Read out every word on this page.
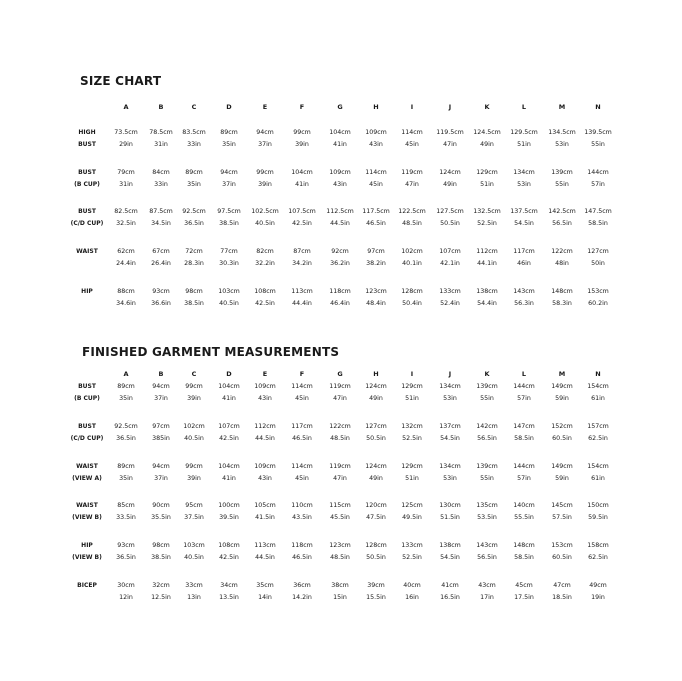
SIZE CHART
A	B	C	D	E	F	G	H	I	J	K	L	M	N
HIGH
BUST
73.5cm 78.5cm 83.5cm 89cm	94cm	99cm	104cm 109cm 114cm 119.5cm 124.5cm 129.5cm 134.5cm 139.5cm
29in	31in	33in	35in	37in	39in	41in	43in	45in	47in	49in	51in	53in	55in
BUST
(B CUP)
79cm	84cm 89cm	94cm	99cm	104cm	109cm 114cm 119cm	124cm 129cm 134cm	139cm 144cm
31in	33in	35in	37in	39in	41in	43in	45in	47in	49in	51in	53in	55in	57in
BUST
(C/D CUP)
82.5cm 87.5cm 92.5cm 97.5cm 102.5cm 107.5cm 112.5cm 117.5cm 122.5cm 127.5cm 132.5cm 137.5cm 142.5cm 147.5cm
32.5in 34.5in 36.5in 38.5in	40.5in	42.5in	44.5in	46.5in	48.5in	50.5in	52.5in	54.5in	56.5in	58.5in
WAIST	62cm	67cm 72cm	77cm	82cm	87cm	92cm	97cm	102cm	107cm 112cm 117cm	122cm 127cm
24.4in 26.4in 28.3in 30.3in	32.2in	34.2in	36.2in	38.2in	40.1in	42.1in	44.1in	46in	48in	50in
HIP	88cm	93cm 98cm 103cm 108cm 113cm	118cm 123cm 128cm	133cm 138cm 143cm	148cm 153cm
34.6in 36.6in 38.5in 40.5in	42.5in	44.4in	46.4in	48.4in	50.4in	52.4in	54.4in	56.3in	58.3in	60.2in
FINISHED GARMENT MEASUREMENTS
A	B	C	D	E	F	G	H	I	J	K	L	M	N
BUST
(B CUP)
89cm	94cm 99cm 104cm 109cm 114cm	119cm 124cm 129cm	134cm 139cm 144cm	149cm 154cm
35in	37in	39in	41in	43in	45in	47in	49in	51in	53in	55in	57in	59in	61in
BUST
(C/D CUP)
92.5cm 97cm 102cm 107cm 112cm 117cm	122cm 127cm 132cm	137cm 142cm 147cm	152cm 157cm
36.5in	385in 40.5in 42.5in	44.5in	46.5in	48.5in	50.5in	52.5in	54.5in	56.5in	58.5in	60.5in	62.5in
WAIST
(VIEW A)
89cm	94cm 99cm 104cm 109cm 114cm	119cm 124cm 129cm	134cm 139cm 144cm	149cm 154cm
35in	37in	39in	41in	43in	45in	47in	49in	51in	53in	55in	57in	59in	61in
WAIST
(VIEW B)
85cm	90cm 95cm 100cm 105cm 110cm	115cm 120cm 125cm	130cm 135cm 140cm	145cm 150cm
33.5in 35.5in 37.5in 39.5in	41.5in	43.5in	45.5in	47.5in	49.5in	51.5in	53.5in	55.5in	57.5in	59.5in
HIP
(VIEW B)
93cm	98cm 103cm 108cm 113cm 118cm	123cm 128cm 133cm	138cm 143cm 148cm	153cm 158cm
36.5in 38.5in 40.5in 42.5in	44.5in	46.5in	48.5in	50.5in	52.5in	54.5in	56.5in	58.5in	60.5in	62.5in
BICEP	30cm	32cm 33cm	34cm	35cm	36cm	38cm	39cm	40cm	41cm	43cm	45cm	47cm	49cm
12in	12.5in	13in	13.5in	14in	14.2in	15in	15.5in	16in	16.5in	17in	17.5in	18.5in	19in
